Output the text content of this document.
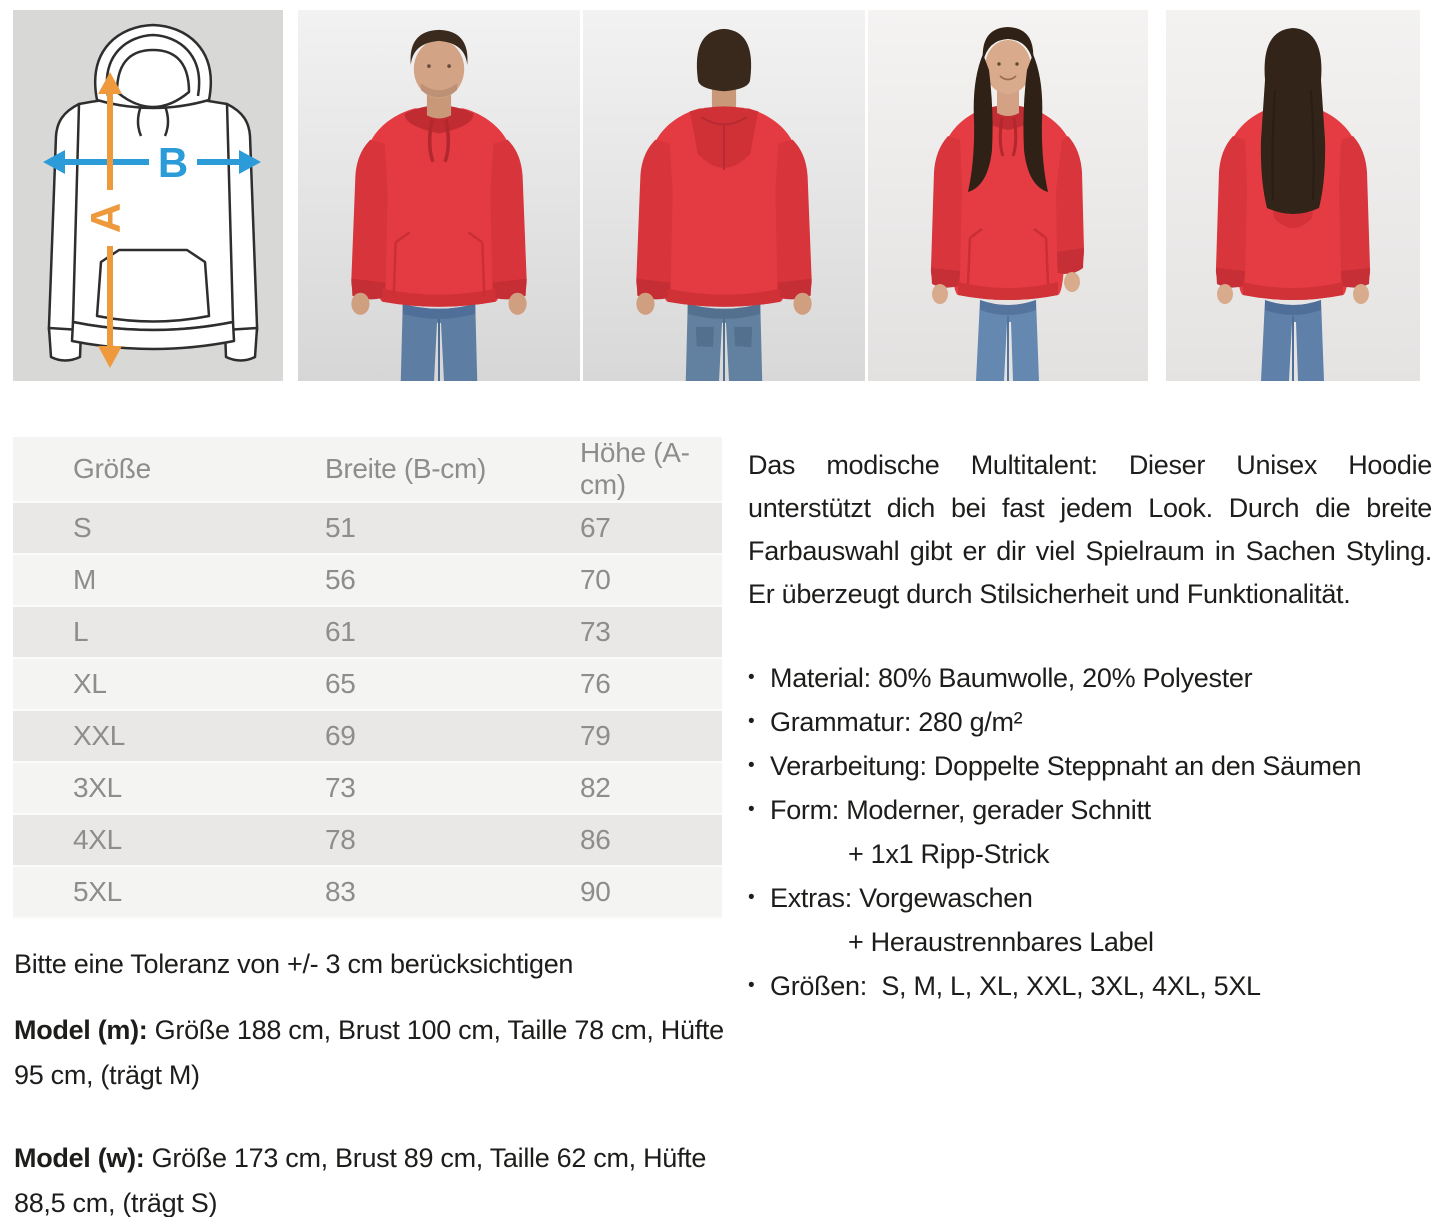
B
A
Größe	Breite (B-cm)	Höhe (A-cm)
S	51	67
M	56	70
L	61	73
XL	65	76
XXL	69	79
3XL	73	82
4XL	78	86
5XL	83	90
Bitte eine Toleranz von +/- 3 cm berücksichtigen
Model (m): Größe 188 cm, Brust 100 cm, Taille 78 cm, Hüfte 95 cm, (trägt M)
Model (w): Größe 173 cm, Brust 89 cm, Taille 62 cm, Hüfte 88,5 cm, (trägt S)

Das modische Multitalent: Dieser Unisex Hoodie unterstützt dich bei fast jedem Look. Durch die breite Farbauswahl gibt er dir viel Spielraum in Sachen Styling. Er überzeugt durch Stilsicherheit und Funktionalität.

• Material: 80% Baumwolle, 20% Polyester
• Grammatur: 280 g/m²
• Verarbeitung: Doppelte Steppnaht an den Säumen
• Form: Moderner, gerader Schnitt
+ 1x1 Ripp-Strick
• Extras: Vorgewaschen
+ Heraustrennbares Label
• Größen:  S, M, L, XL, XXL, 3XL, 4XL, 5XL
